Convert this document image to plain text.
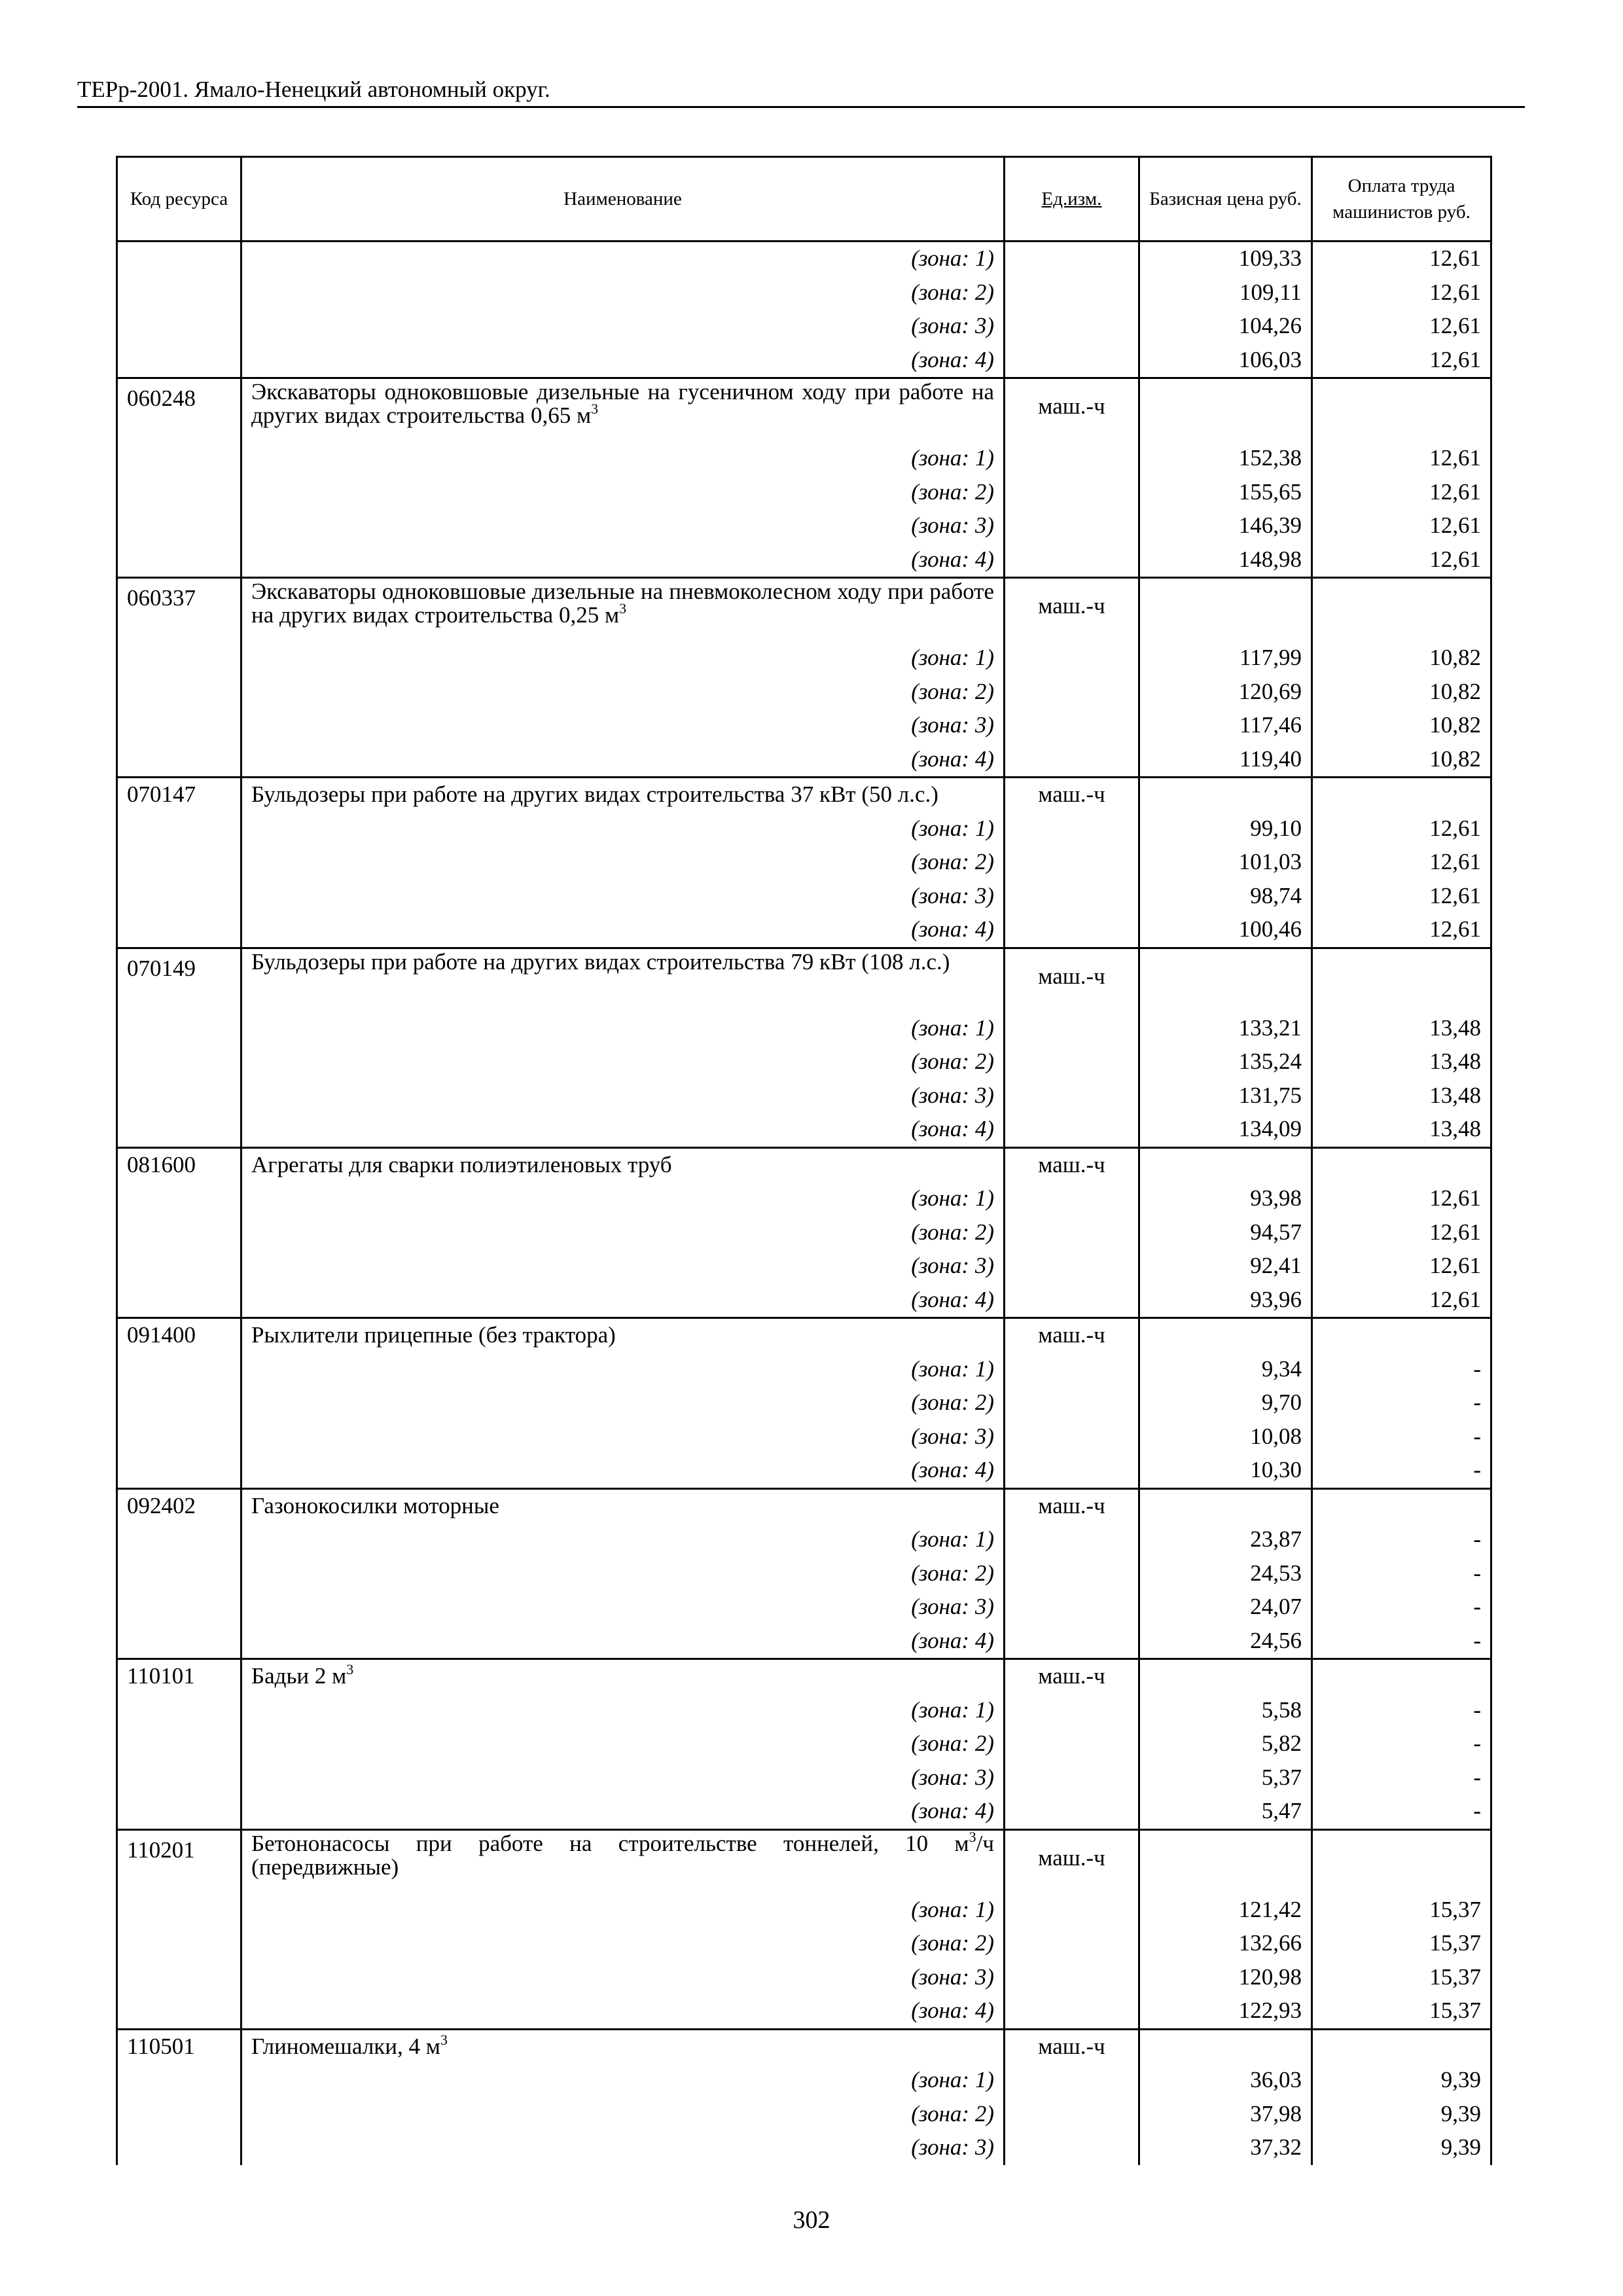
ТЕРр-2001. Ямало-Ненецкий автономный округ.
Код ресурса	Наименование	Ед.изм.	Базисная цена руб.	Оплата труда машинистов руб.
	(зона: 1)		109,33	12,61
	(зона: 2)		109,11	12,61
	(зона: 3)		104,26	12,61
	(зона: 4)		106,03	12,61
060248	Экскаваторы одноковшовые дизельные на гусеничном ходу при работе на других видах строительства 0,65 $м^3$	маш.-ч		
	(зона: 1)		152,38	12,61
	(зона: 2)		155,65	12,61
	(зона: 3)		146,39	12,61
	(зона: 4)		148,98	12,61
060337	Экскаваторы одноковшовые дизельные на пневмоколесном ходу при работе на других видах строительства 0,25 $м^3$	маш.-ч		
	(зона: 1)		117,99	10,82
	(зона: 2)		120,69	10,82
	(зона: 3)		117,46	10,82
	(зона: 4)		119,40	10,82
070147	Бульдозеры при работе на других видах строительства 37 кВт (50 л.с.)	маш.-ч		
	(зона: 1)		99,10	12,61
	(зона: 2)		101,03	12,61
	(зона: 3)		98,74	12,61
	(зона: 4)		100,46	12,61
070149	Бульдозеры при работе на других видах строительства 79 кВт (108 л.с.)	маш.-ч		
	(зона: 1)		133,21	13,48
	(зона: 2)		135,24	13,48
	(зона: 3)		131,75	13,48
	(зона: 4)		134,09	13,48
081600	Агрегаты для сварки полиэтиленовых труб	маш.-ч		
	(зона: 1)		93,98	12,61
	(зона: 2)		94,57	12,61
	(зона: 3)		92,41	12,61
	(зона: 4)		93,96	12,61
091400	Рыхлители прицепные (без трактора)	маш.-ч		
	(зона: 1)		9,34	-
	(зона: 2)		9,70	-
	(зона: 3)		10,08	-
	(зона: 4)		10,30	-
092402	Газонокосилки моторные	маш.-ч		
	(зона: 1)		23,87	-
	(зона: 2)		24,53	-
	(зона: 3)		24,07	-
	(зона: 4)		24,56	-
110101	Бадьи 2 $м^3$	маш.-ч		
	(зона: 1)		5,58	-
	(зона: 2)		5,82	-
	(зона: 3)		5,37	-
	(зона: 4)		5,47	-
110201	Бетононасосы при работе на строительстве тоннелей, 10 $м^3/ч$ (передвижные)	маш.-ч		
	(зона: 1)		121,42	15,37
	(зона: 2)		132,66	15,37
	(зона: 3)		120,98	15,37
	(зона: 4)		122,93	15,37
110501	Глиномешалки, 4 $м^3$	маш.-ч		
	(зона: 1)		36,03	9,39
	(зона: 2)		37,98	9,39
	(зона: 3)		37,32	9,39
302
